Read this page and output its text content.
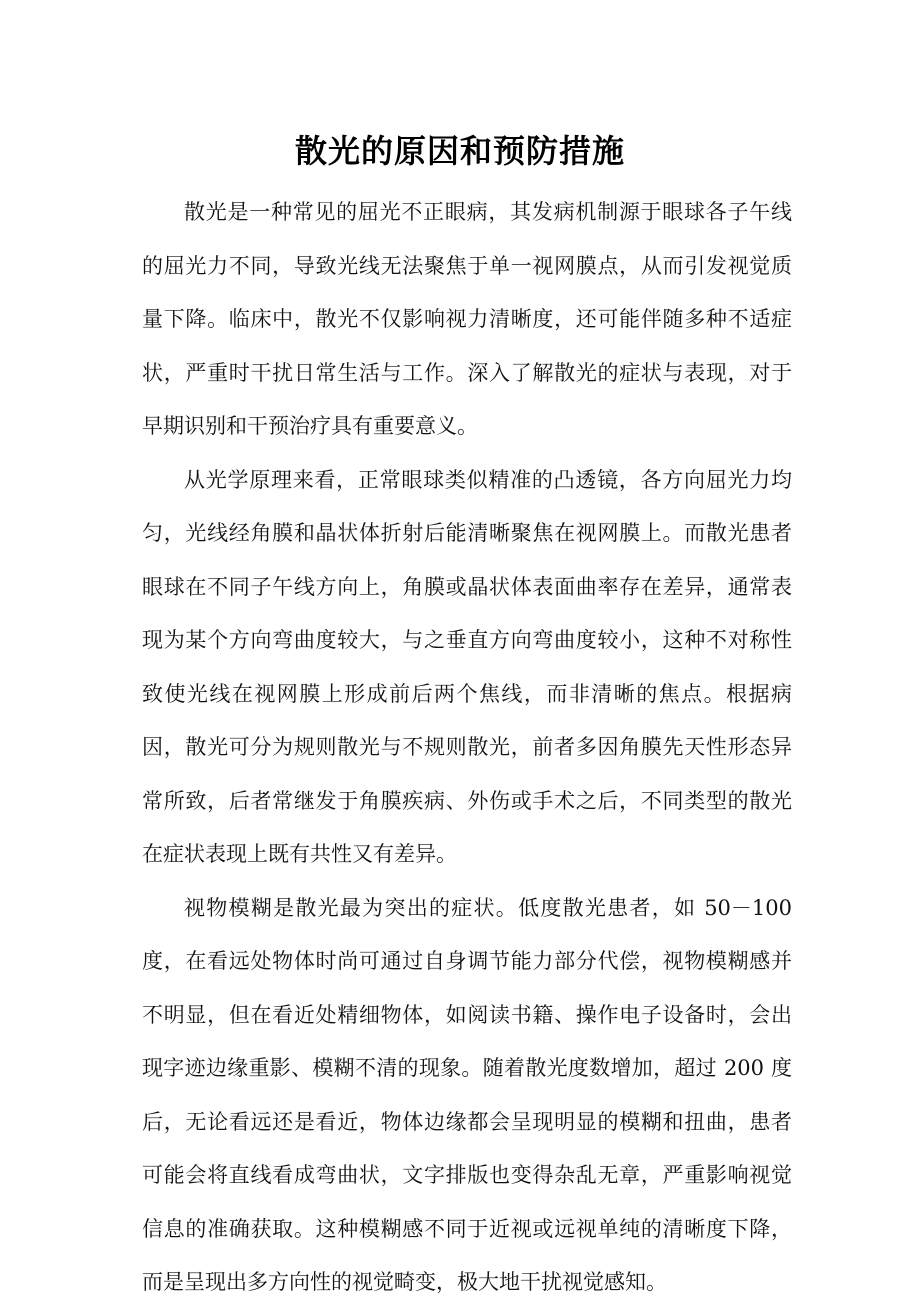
散光的原因和预防措施

散光是一种常见的屈光不正眼病，其发病机制源于眼球各子午线的屈光力不同，导致光线无法聚焦于单一视网膜点，从而引发视觉质量下降。临床中，散光不仅影响视力清晰度，还可能伴随多种不适症状，严重时干扰日常生活与工作。深入了解散光的症状与表现，对于早期识别和干预治疗具有重要意义。

从光学原理来看，正常眼球类似精准的凸透镜，各方向屈光力均匀，光线经角膜和晶状体折射后能清晰聚焦在视网膜上。而散光患者眼球在不同子午线方向上，角膜或晶状体表面曲率存在差异，通常表现为某个方向弯曲度较大，与之垂直方向弯曲度较小，这种不对称性致使光线在视网膜上形成前后两个焦线，而非清晰的焦点。根据病因，散光可分为规则散光与不规则散光，前者多因角膜先天性形态异常所致，后者常继发于角膜疾病、外伤或手术之后，不同类型的散光在症状表现上既有共性又有差异。

视物模糊是散光最为突出的症状。低度散光患者，如 50－100 度，在看远处物体时尚可通过自身调节能力部分代偿，视物模糊感并不明显，但在看近处精细物体，如阅读书籍、操作电子设备时，会出现字迹边缘重影、模糊不清的现象。随着散光度数增加，超过 200 度后，无论看远还是看近，物体边缘都会呈现明显的模糊和扭曲，患者可能会将直线看成弯曲状，文字排版也变得杂乱无章，严重影响视觉信息的准确获取。这种模糊感不同于近视或远视单纯的清晰度下降，而是呈现出多方向性的视觉畸变，极大地干扰视觉感知。
